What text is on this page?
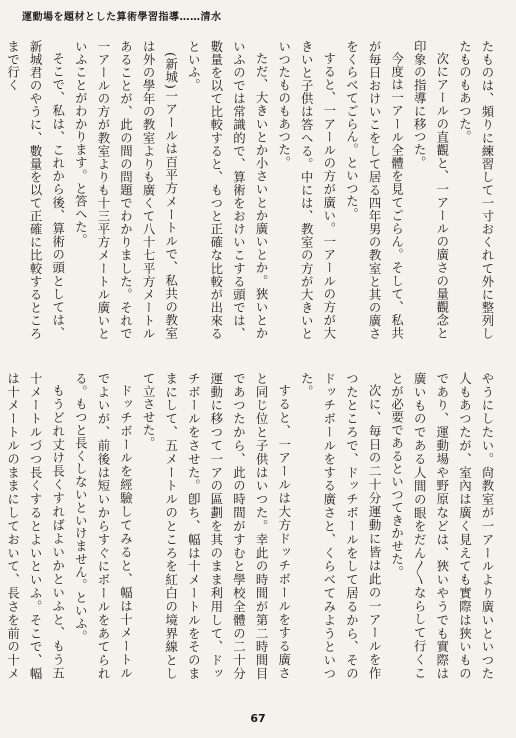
運動場を題材とした算術學習指導……清水

たものは、頻りに練習して一寸おくれて外に整列したものもあつた。

次にアールの直觀と、一アールの廣さの量觀念と印象の指導に移つた。

今度は一アール全體を見てごらん。そして、私共が毎日おけいこをして居る四年男の教室と其の廣さをくらべてごらん。といつた。

すると、一アールの方が廣い。一アールの方が大きいと子供は答へる。中には、教室の方が大きいといつたものもあつた。

ただ、大きいとか小さいとか廣いとか。狹いとかいふのでは常識的で、算術をおけいこする頭では、數量を以て比較すると、もつと正確な比較が出來るといふ。

(新城)一アールは百平方メートルで、私共の教室は外の學年の教室よりも廣くて八十七平方メートルあることが、此の間の問題でわかりました。それで一アールの方が教室よりも十三平方メートル廣いといふことがわかります。と答へた。

そこで、私は、これから後、算術の頭としては、新城君のやうに、數量を以て正確に比較するところまで行く

やうにしたい。尙教室が一アールより廣いといつた人もあつたが、室內は廣く見えても實際は狹いものであり、運動場や野原などは、狹いやうでも實際は廣いものである人間の眼をだん〳〵ならして行くことが必要であるといつてきかせた。

次に、毎日の二十分運動に皆は此の一アールを作つたところで、ドッチボールをして居るから、そのドッチボールをする廣さと、くらべてみようといつた。

すると、一アールは大方ドッチボールをする廣さと同じ位と子供はいつた。幸此の時間が第二時間目であつたから、此の時間がすむと學校全體の二十分運動に移つて一アの區劃を其のまま利用して、ドッチボールをさせた。卽ち、幅は十メートルをそのままにして、五メートルのところを紅白の境界線として立させた。

ドッチボールを經驗してみると、幅は十メートルでよいが、前後は短いからすぐにボールをあてられる。もつと長くしないといけません。といふ。

もうどれ丈け長くすればよいかといふと、もう五十メートルづつ長くするとよいといふ。そこで、幅は十メートルのままにしておいて、長さを前の十メ

67
